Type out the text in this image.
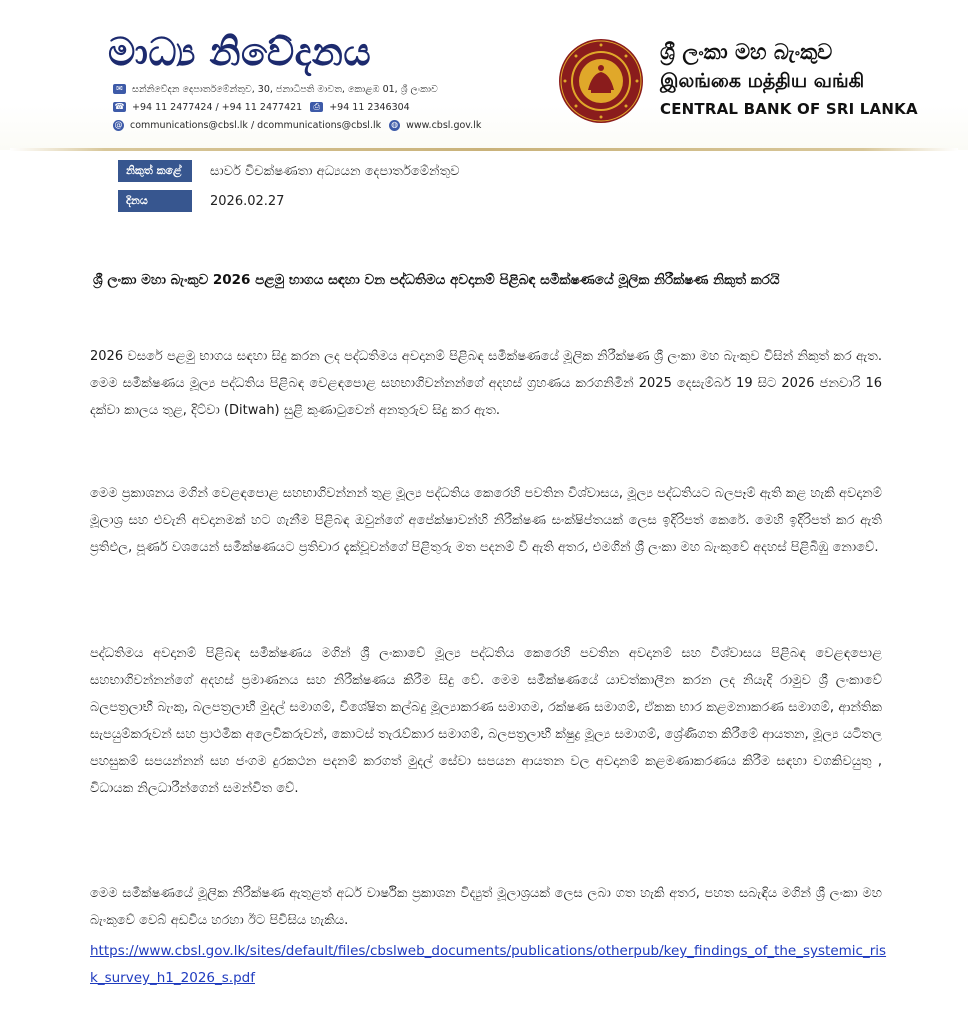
මාධ්‍ය නිවේදනය
✉ සන්නිවේදන දෙපාර්තමේන්තුව, 30, ජනාධිපති මාවත, කොළඹ 01, ශ්‍රී ලංකාව
☎ +94 11 2477424 / +94 11 2477421	⎙ +94 11 2346304
@ communications@cbsl.lk / dcommunications@cbsl.lk ◍ www.cbsl.gov.lk
ශ්‍රී ලංකා මහ බැංකුව
இலங்கை மத்திய வங்கி
CENTRAL BANK OF SRI LANKA
නිකුත් කළේ	සාර්ව විචක්ෂණතා අධ්‍යයන දෙපාර්තමේන්තුව
දිනය	2026.02.27
ශ්‍රී ලංකා මහා බැංකුව 2026 පළමු භාගය සඳහා වන පද්ධතිමය අවදානම් පිළිබඳ සමීක්ෂණයේ මූලික නිරීක්ෂණ නිකුත් කරයි
2026 වසරේ පළමු භාගය සඳහා සිදු කරන ලද පද්ධතිමය අවදානම් පිළිබඳ සමීක්ෂණයේ මූලික නිරීක්ෂණ ශ්‍රී ලංකා මහ බැංකුව විසින් නිකුත් කර ඇත. මෙම සමීක්ෂණය මූල්‍ය පද්ධතිය පිළිබඳ වෙළඳපොළ සහභාගිවන්නන්ගේ අදහස් ග්‍රහණය කරගනිමින් 2025 දෙසැම්බර් 19 සිට 2026 ජනවාරි 16 දක්වා කාලය තුළ, දිට්වා (Ditwah) සුළි කුණාටුවෙන් අනතුරුව සිදු කර ඇත.
මෙම ප්‍රකාශනය මගින් වෙළඳපොළ සහභාගිවන්නන් තුළ මූල්‍ය පද්ධතිය කෙරෙහි පවතින විශ්වාසය, මූල්‍ය පද්ධතියට බලපෑම් ඇති කළ හැකි අවදානම් මූලාශ්‍ර සහ එවැනි අවදානමක් හට ගැනීම පිළිබඳ ඔවුන්ගේ අපේක්ෂාවන්හි නිරීක්ෂණ සංක්ෂිප්තයක් ලෙස ඉදිරිපත් කෙරේ. මෙහි ඉදිරිපත් කර ඇති ප්‍රතිඵල, පූර්ණ වශයෙන් සමීක්ෂණයට ප්‍රතිචාර දැක්වූවන්ගේ පිළිතුරු මත පදනම් වී ඇති අතර, එමගින් ශ්‍රී ලංකා මහ බැංකුවේ අදහස් පිළිබිඹු නොවේ.
පද්ධතිමය අවදානම් පිළිබඳ සමීක්ෂණය මගින් ශ්‍රී ලංකාවේ මූල්‍ය පද්ධතිය කෙරෙහි පවතින අවදානම් සහ විශ්වාසය පිළිබඳ වෙළඳපොළ සහභාගිවන්නන්ගේ අදහස් ප්‍රමාණනය සහ නිරීක්ෂණය කිරීම සිදු වේ. මෙම සමීක්ෂණයේ යාවත්කාලීන කරන ලද නියැදි රාමුව ශ්‍රී ලංකාවේ බලපත්‍රලාභී බැංකු, බලපත්‍රලාභී මුදල් සමාගම්, විශේෂිත කල්බදු මූල්‍යාකරණ සමාගම, රක්ෂණ සමාගම්, ඒකක භාර කළමනාකරණ සමාගම්, ආන්තික සැපයුම්කරුවන් සහ ප්‍රාථමික අලෙවිකරුවන්, කොටස් තැරැව්කාර සමාගම්, බලපත්‍රලාභී ක්ෂුද්‍ර මූල්‍ය සමාගම්, ශ්‍රේණිගත කිරීමේ ආයතන, මූල්‍ය යටිතල පහසුකම් සපයන්නන් සහ ජංගම දුරකථන පදනම් කරගත් මුදල් සේවා සපයන ආයතන වල අවදානම් කළමණාකරණය කිරීම සඳහා වගකිවයුතු , විධායක නිලධාරීන්ගෙන් සමන්විත වේ.
මෙම සමීක්ෂණයේ මූලික නිරීක්ෂණ ඇතුළත් අර්ධ වාර්ෂික ප්‍රකාශන විද්‍යුත් මූලාශ්‍රයක් ලෙස ලබා ගත හැකි අතර, පහත සබැඳිය මගින් ශ්‍රී ලංකා මහ බැංකුවේ වෙබ් අඩවිය හරහා ඊට පිවිසිය හැකිය.
https://www.cbsl.gov.lk/sites/default/files/cbslweb_documents/publications/otherpub/key_findings_of_the_systemic_risk_survey_h1_2026_s.pdf
